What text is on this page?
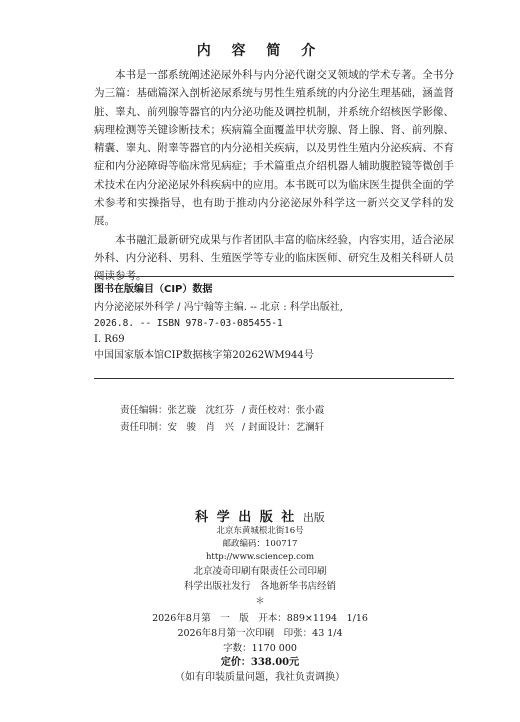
内 容 简 介

本书是一部系统阐述泌尿外科与内分泌代谢交叉领域的学术专著。全书分为三篇：基础篇深入剖析泌尿系统与男性生殖系统的内分泌生理基础，涵盖肾脏、睾丸、前列腺等器官的内分泌功能及调控机制，并系统介绍核医学影像、病理检测等关键诊断技术；疾病篇全面覆盖甲状旁腺、肾上腺、肾、前列腺、精囊、睾丸、附睾等器官的内分泌相关疾病，以及男性生殖内分泌疾病、不育症和内分泌障碍等临床常见病症；手术篇重点介绍机器人辅助腹腔镜等微创手术技术在内分泌泌尿外科疾病中的应用。本书既可以为临床医生提供全面的学术参考和实操指导，也有助于推动内分泌泌尿外科学这一新兴交叉学科的发展。

本书融汇最新研究成果与作者团队丰富的临床经验，内容实用，适合泌尿外科、内分泌科、男科、生殖医学等专业的临床医师、研究生及相关科研人员阅读参考。

图书在版编目（CIP）数据
内分泌泌尿外科学 / 冯宁翰等主编. -- 北京 : 科学出版社,
2026.8. -- ISBN 978-7-03-085455-1
Ⅰ. R69
中国国家版本馆CIP数据核字第20262WM944号
责任编辑：张艺璇　沈红芬 / 责任校对：张小霞
责任印制：安　骏　肖　兴 / 封面设计：艺澜轩
科 学 出 版 社 出版
北京东黄城根北街16号
邮政编码：100717
http://www.sciencep.com
北京凌奇印刷有限责任公司印刷
科学出版社发行　各地新华书店经销
＊
2026年8月第　一　版　开本：889×1194　1/16
2026年8月第一次印刷　印张：43 1/4
字数：1170 000
定价：338.00元
（如有印装质量问题，我社负责调换）
